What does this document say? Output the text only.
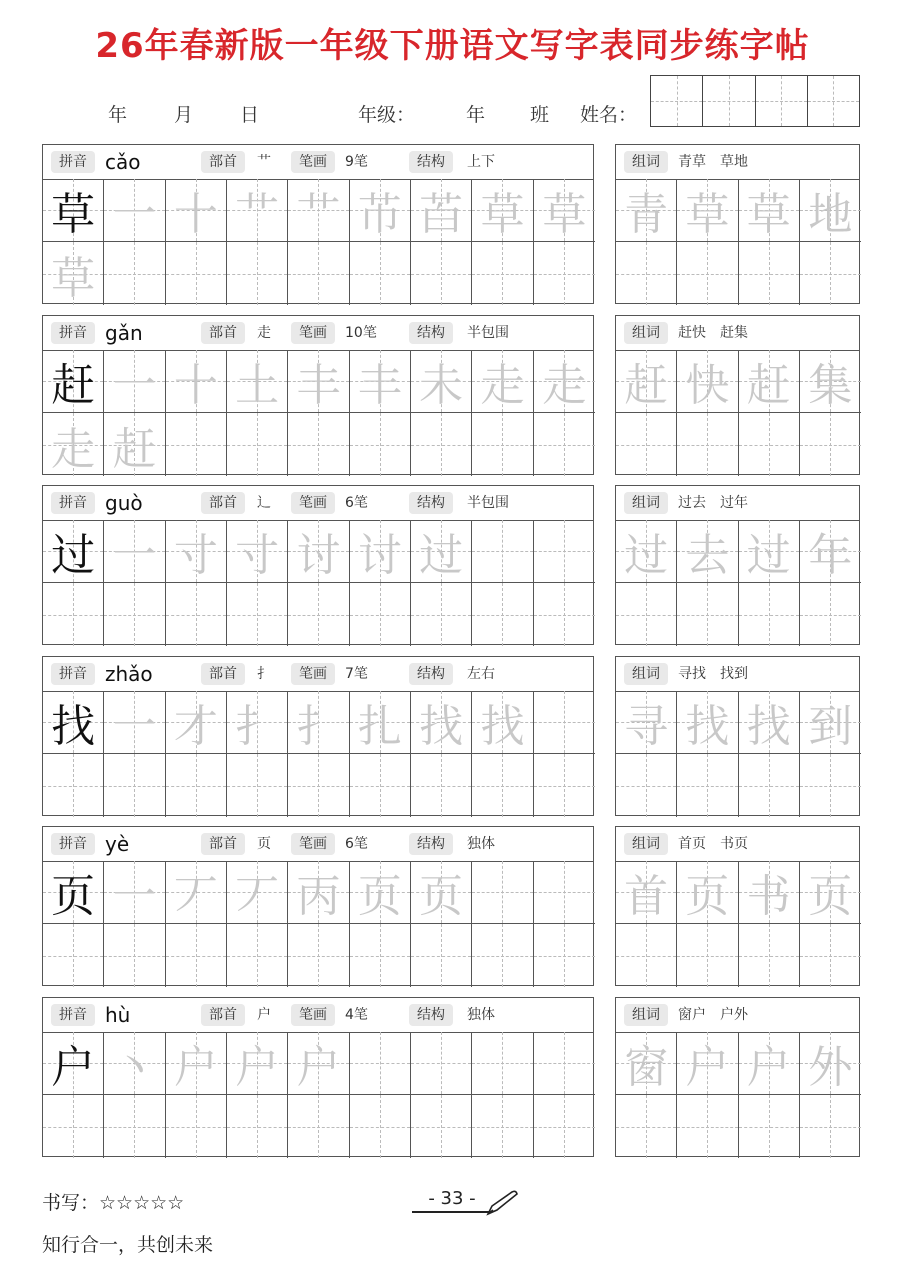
26年春新版一年级下册语文写字表同步练字帖
年 月 日	年级：	年 班 姓名：
拼音 cǎo	部首	艹	笔画	9笔	结构	上下
草 一 十 艹 艹 芇 苩 草 草
草
组词	青草　草地
青 草 草 地
拼音 gǎn	部首	走	笔画	10笔	结构	半包围
赶 一 十 土 丰 丰 未 走 走
走 赶
组词	赶快　赶集
赶 快 赶 集
拼音 guò	部首	辶	笔画	6笔	结构	半包围
过 一 寸 寸 讨 讨 过
组词	过去　过年
过 去 过 年
拼音 zhǎo	部首	扌	笔画	7笔	结构	左右
找 一 才 扌 扌 扎 找 找
组词	寻找　找到
寻 找 找 到
拼音 yè	部首	页	笔画	6笔	结构	独体
页 一 丆 丆 丙 页 页
组词	首页　书页
首 页 书 页
拼音 hù	部首	户	笔画	4笔	结构	独体
户 丶 户 户 户
组词	窗户　户外
窗 户 户 外
书写：☆☆☆☆☆	- 33 -
知行合一，共创未来
